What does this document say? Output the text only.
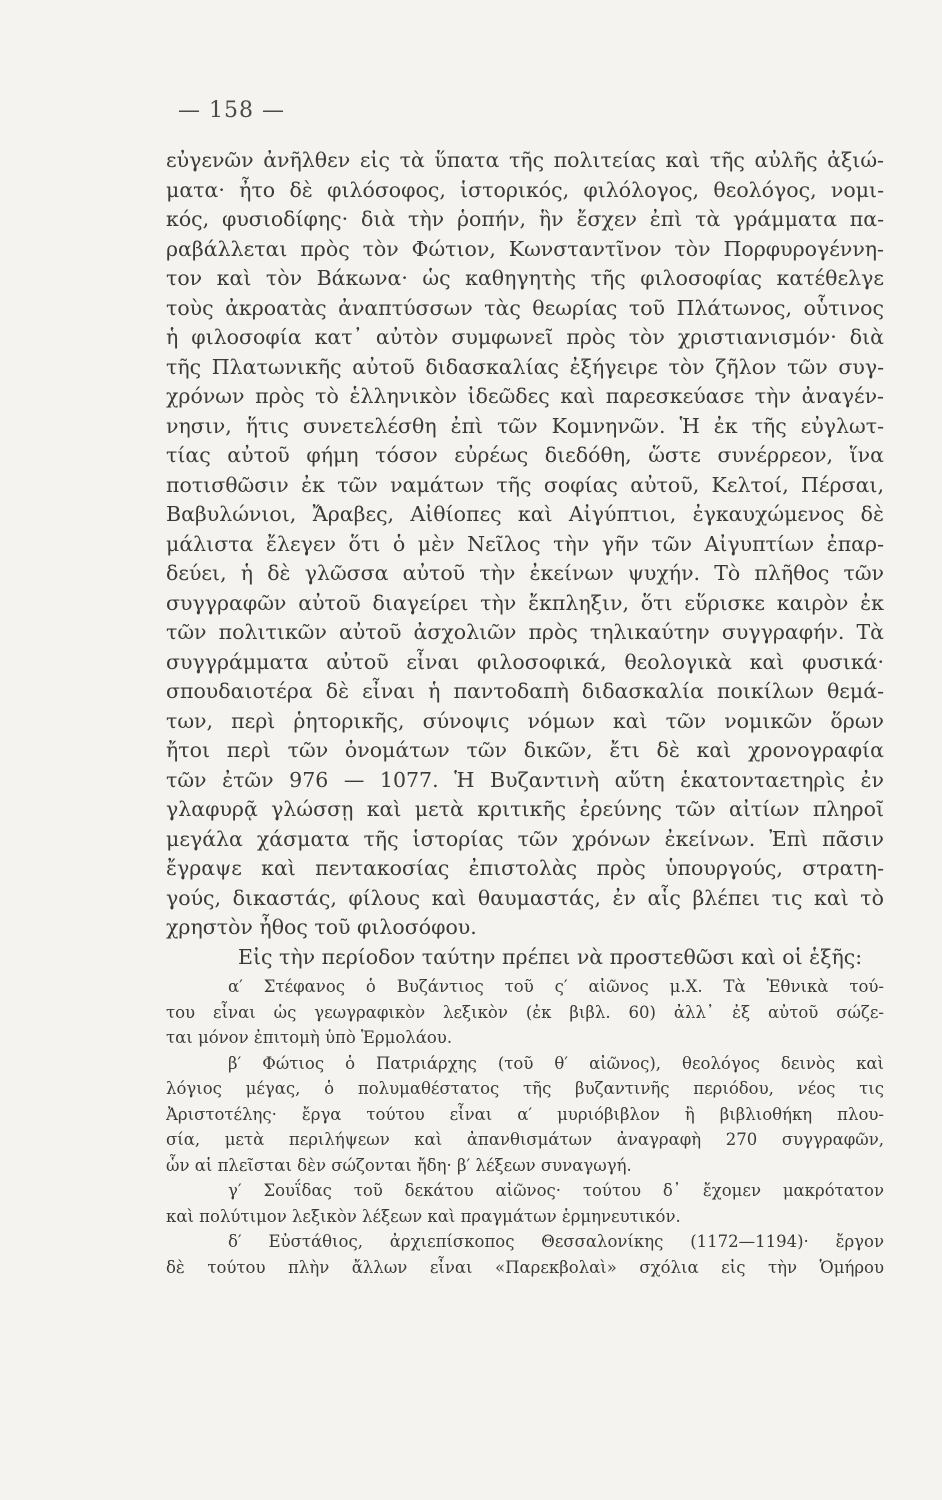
— 158 —
εὐγενῶν ἀνῆλθεν εἰς τὰ ὕπατα τῆς πολιτείας καὶ τῆς αὐλῆς ἀξιώ-
ματα· ἦτο δὲ φιλόσοφος, ἱστορικός, φιλόλογος, θεολόγος, νομι-
κός, φυσιοδίφης· διὰ τὴν ῥοπήν, ἣν ἔσχεν ἐπὶ τὰ γράμματα πα-
ραβάλλεται πρὸς τὸν Φώτιον, Κωνσταντῖνον τὸν Πορφυρογέννη-
τον καὶ τὸν Βάκωνα· ὡς καθηγητὴς τῆς φιλοσοφίας κατέθελγε
τοὺς ἀκροατὰς ἀναπτύσσων τὰς θεωρίας τοῦ Πλάτωνος, οὗτινος
ἡ φιλοσοφία κατ᾽ αὐτὸν συμφωνεῖ πρὸς τὸν χριστιανισμόν· διὰ
τῆς Πλατωνικῆς αὐτοῦ διδασκαλίας ἐξήγειρε τὸν ζῆλον τῶν συγ-
χρόνων πρὸς τὸ ἑλληνικὸν ἰδεῶδες καὶ παρεσκεύασε τὴν ἀναγέν-
νησιν, ἥτις συνετελέσθη ἐπὶ τῶν Κομνηνῶν. Ἡ ἐκ τῆς εὐγλωτ-
τίας αὐτοῦ φήμη τόσον εὐρέως διεδόθη, ὥστε συνέρρεον, ἵνα
ποτισθῶσιν ἐκ τῶν ναμάτων τῆς σοφίας αὐτοῦ, Κελτοί, Πέρσαι,
Βαβυλώνιοι, Ἄραβες, Αἰθίοπες καὶ Αἰγύπτιοι, ἐγκαυχώμενος δὲ
μάλιστα ἔλεγεν ὅτι ὁ μὲν Νεῖλος τὴν γῆν τῶν Αἰγυπτίων ἐπαρ-
δεύει, ἡ δὲ γλῶσσα αὐτοῦ τὴν ἐκείνων ψυχήν. Τὸ πλῆθος τῶν
συγγραφῶν αὐτοῦ διαγείρει τὴν ἔκπληξιν, ὅτι εὕρισκε καιρὸν ἐκ
τῶν πολιτικῶν αὐτοῦ ἀσχολιῶν πρὸς τηλικαύτην συγγραφήν. Τὰ
συγγράμματα αὐτοῦ εἶναι φιλοσοφικά, θεολογικὰ καὶ φυσικά·
σπουδαιοτέρα δὲ εἶναι ἡ παντοδαπὴ διδασκαλία ποικίλων θεμά-
των, περὶ ῥητορικῆς, σύνοψις νόμων καὶ τῶν νομικῶν ὅρων
ἤτοι περὶ τῶν ὀνομάτων τῶν δικῶν, ἔτι δὲ καὶ χρονογραφία
τῶν ἐτῶν 976 — 1077. Ἡ Βυζαντινὴ αὕτη ἑκατονταετηρὶς ἐν
γλαφυρᾷ γλώσσῃ καὶ μετὰ κριτικῆς ἐρεύνης τῶν αἰτίων πληροῖ
μεγάλα χάσματα τῆς ἱστορίας τῶν χρόνων ἐκείνων. Ἐπὶ πᾶσιν
ἔγραψε καὶ πεντακοσίας ἐπιστολὰς πρὸς ὑπουργούς, στρατη-
γούς, δικαστάς, φίλους καὶ θαυμαστάς, ἐν αἷς βλέπει τις καὶ τὸ
χρηστὸν ἦθος τοῦ φιλοσόφου.
Εἰς τὴν περίοδον ταύτην πρέπει νὰ προστεθῶσι καὶ οἱ ἑξῆς:
α′ Στέφανος ὁ Βυζάντιος τοῦ ς′ αἰῶνος μ.Χ. Τὰ Ἐθνικὰ τού-
του εἶναι ὡς γεωγραφικὸν λεξικὸν (ἐκ βιβλ. 60) ἀλλ᾽ ἐξ αὐτοῦ σώζε-
ται μόνον ἐπιτομὴ ὑπὸ Ἑρμολάου.
β′ Φώτιος ὁ Πατριάρχης (τοῦ θ′ αἰῶνος), θεολόγος δεινὸς καὶ
λόγιος μέγας, ὁ πολυμαθέστατος τῆς βυζαντινῆς περιόδου, νέος τις
Ἀριστοτέλης· ἔργα τούτου εἶναι α′ μυριόβιβλον ἢ βιβλιοθήκη πλου-
σία, μετὰ περιλήψεων καὶ ἀπανθισμάτων ἀναγραφὴ 270 συγγραφῶν,
ὧν αἱ πλεῖσται δὲν σώζονται ἤδη· β′ λέξεων συναγωγή.
γ′ Σουΐδας τοῦ δεκάτου αἰῶνος· τούτου δ᾽ ἔχομεν μακρότατον
καὶ πολύτιμον λεξικὸν λέξεων καὶ πραγμάτων ἑρμηνευτικόν.
δ′ Εὐστάθιος, ἀρχιεπίσκοπος Θεσσαλονίκης (1172—1194)· ἔργον
δὲ τούτου πλὴν ἄλλων εἶναι «Παρεκβολαὶ» σχόλια εἰς τὴν Ὁμήρου
